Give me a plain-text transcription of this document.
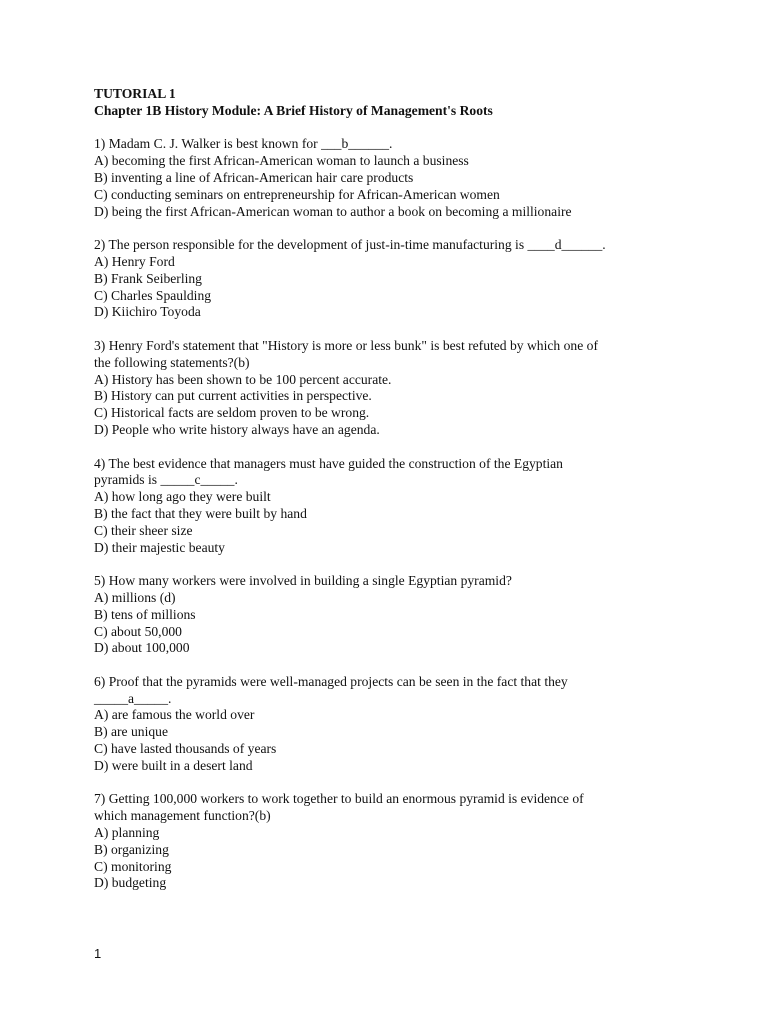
TUTORIAL 1
Chapter 1B History Module: A Brief History of Management's Roots
1) Madam C. J. Walker is best known for ___b______.
A) becoming the first African-American woman to launch a business
B) inventing a line of African-American hair care products
C) conducting seminars on entrepreneurship for African-American women
D) being the first African-American woman to author a book on becoming a millionaire
2) The person responsible for the development of just-in-time manufacturing is ____d______.
A) Henry Ford
B) Frank Seiberling
C) Charles Spaulding
D) Kiichiro Toyoda
3) Henry Ford's statement that "History is more or less bunk" is best refuted by which one of
the following statements?(b)
A) History has been shown to be 100 percent accurate.
B) History can put current activities in perspective.
C) Historical facts are seldom proven to be wrong.
D) People who write history always have an agenda.
4) The best evidence that managers must have guided the construction of the Egyptian
pyramids is _____c_____.
A) how long ago they were built
B) the fact that they were built by hand
C) their sheer size
D) their majestic beauty
5) How many workers were involved in building a single Egyptian pyramid?
A) millions (d)
B) tens of millions
C) about 50,000
D) about 100,000
6) Proof that the pyramids were well-managed projects can be seen in the fact that they
_____a_____.
A) are famous the world over
B) are unique
C) have lasted thousands of years
D) were built in a desert land
7) Getting 100,000 workers to work together to build an enormous pyramid is evidence of
which management function?(b)
A) planning
B) organizing
C) monitoring
D) budgeting
1
